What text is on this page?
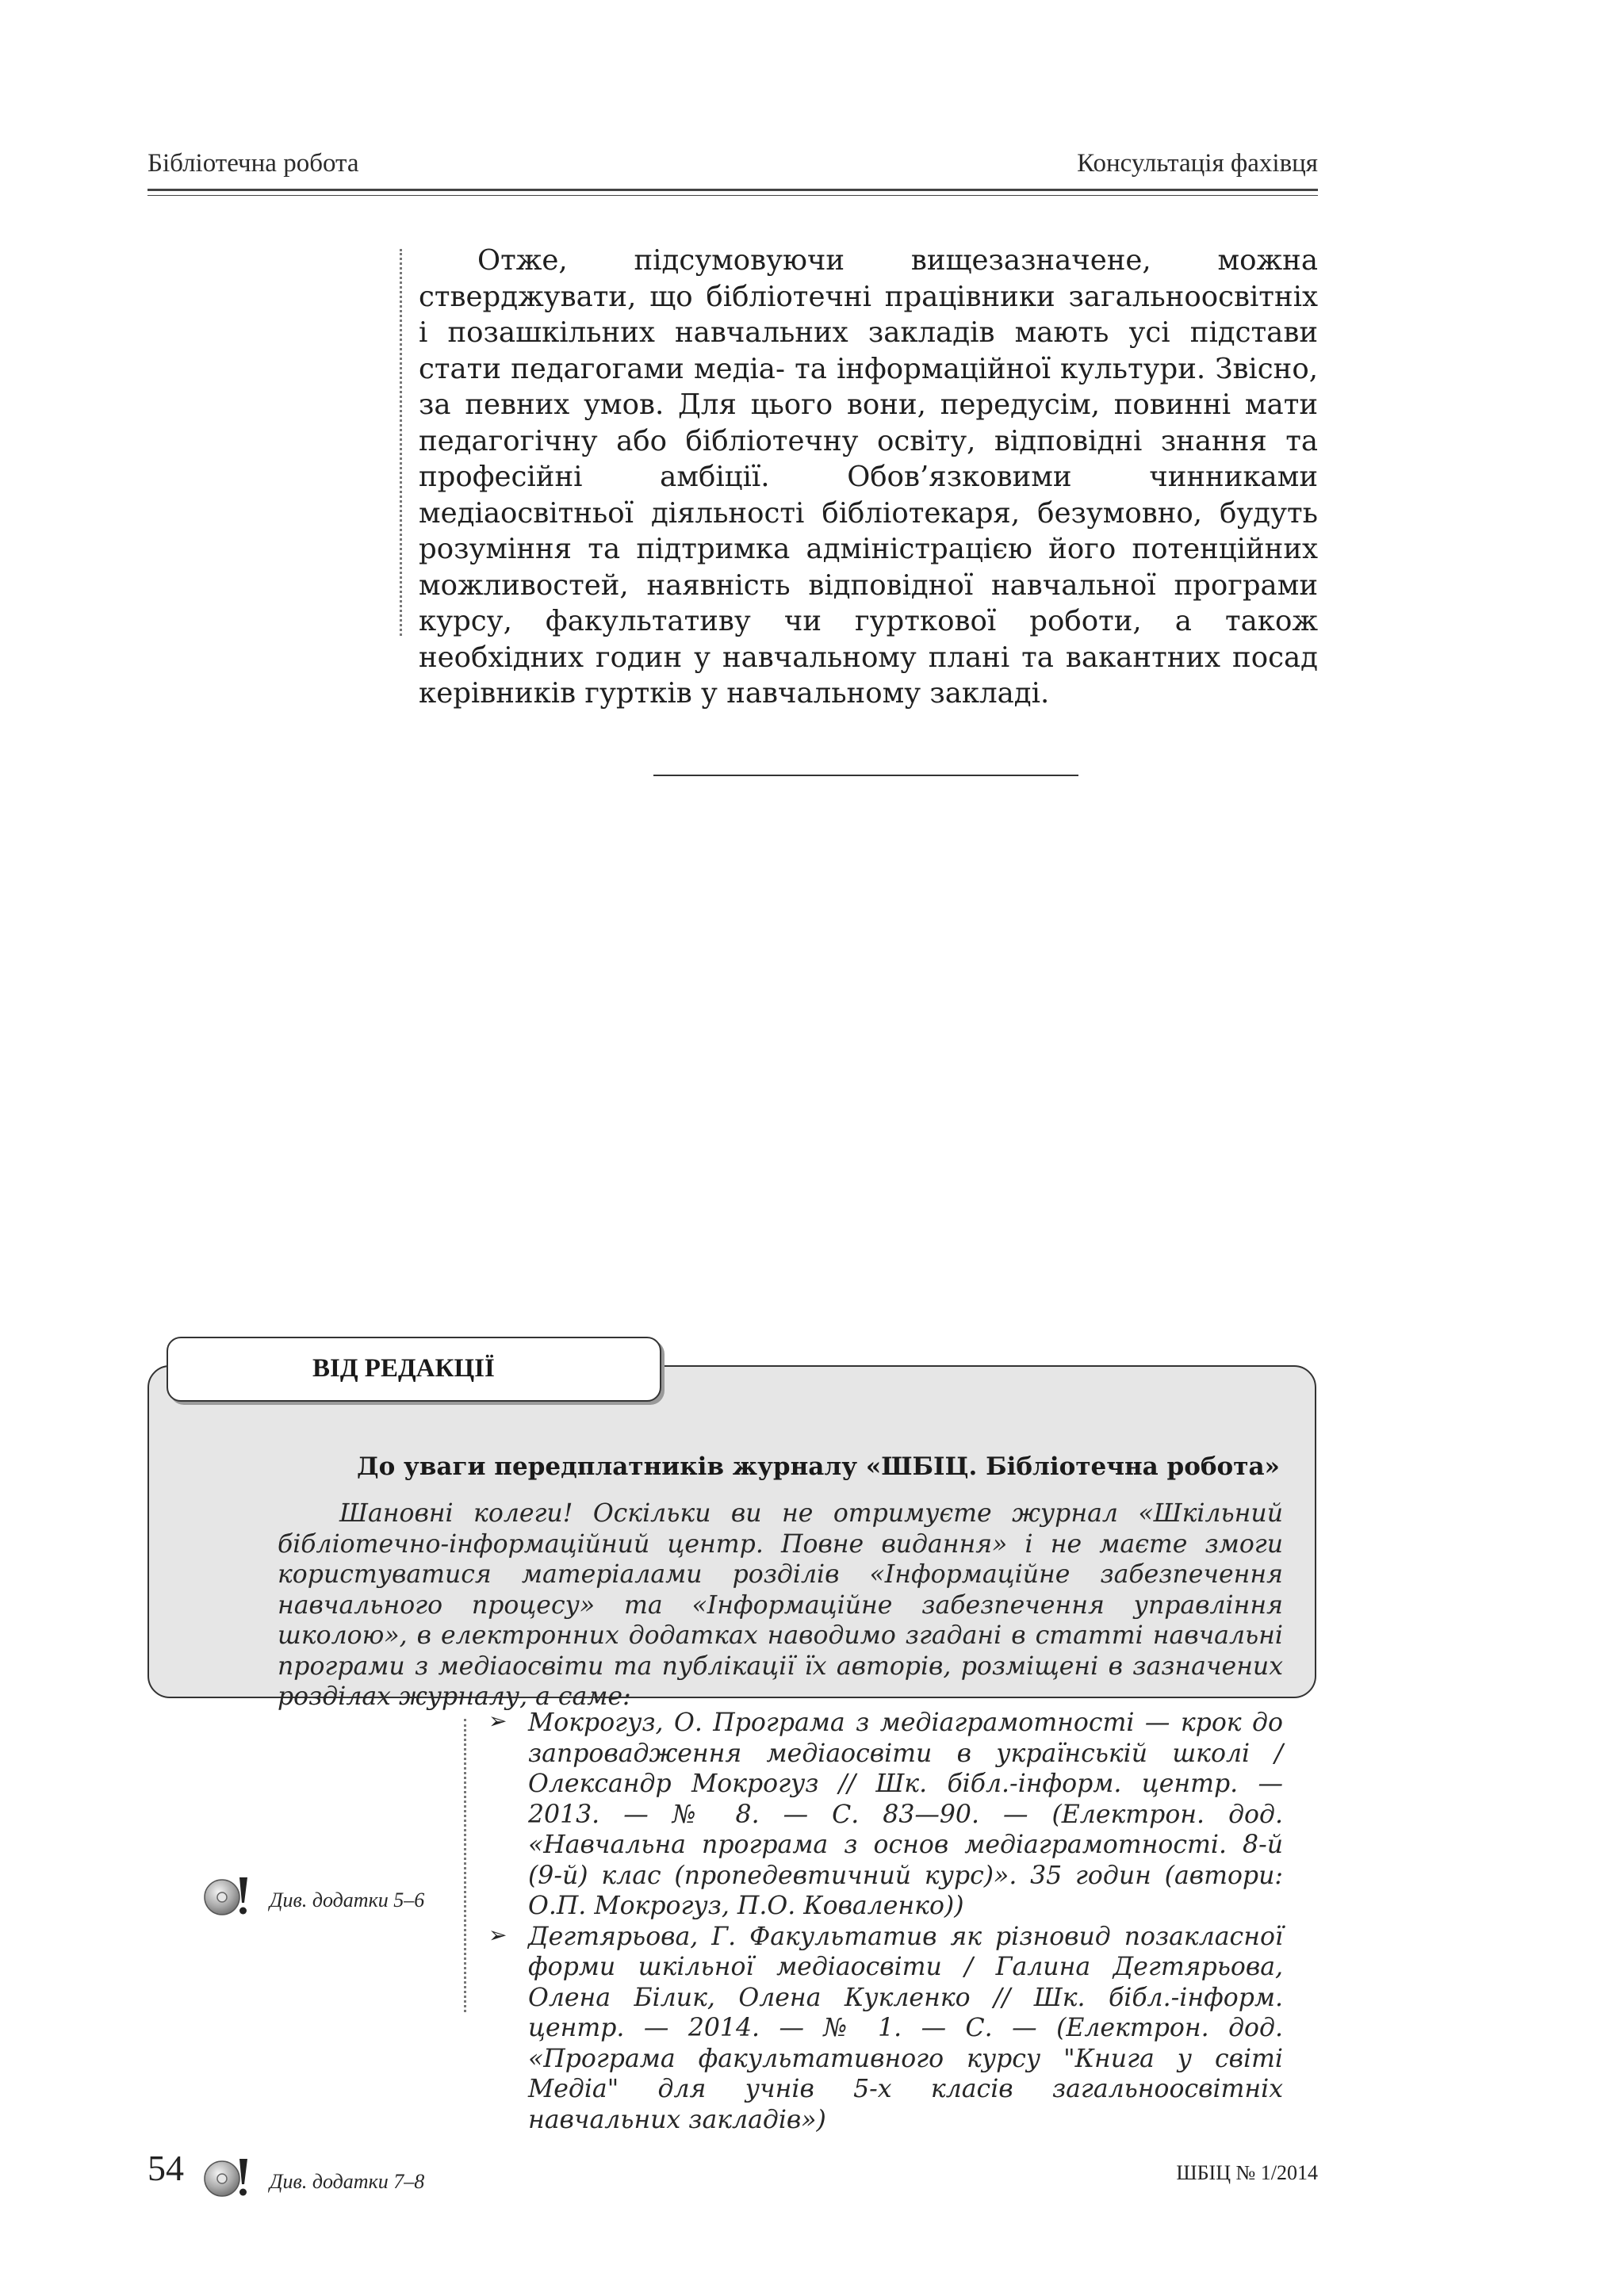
Бібліотечна робота	Консультація фахівця

Отже, підсумовуючи вищезазначене, можна стверджувати, що бібліотечні працівники загальноосвітніх і позашкільних навчальних закладів мають усі підстави стати педагогами медіа- та інформаційної культури. Звісно, за певних умов. Для цього вони, передусім, повинні мати педагогічну або бібліотечну освіту, відповідні знання та професійні амбіції. Обов’язковими чинниками медіаосвітньої діяльності бібліотекаря, безумовно, будуть розуміння та підтримка адміністрацією його потенційних можливостей, наявність відповідної навчальної програми курсу, факультативу чи гурткової роботи, а також необхідних годин у навчальному плані та вакантних посад керівників гуртків у навчальному закладі.

ВІД РЕДАКЦІЇ
До уваги передплатників журналу «ШБІЦ. Бібліотечна робота»

Шановні колеги! Оскільки ви не отримуєте журнал «Шкільний бібліотечно-інформаційний центр. Повне видання» і не маєте змоги користуватися матеріалами розділів «Інформаційне забезпечення навчального процесу» та «Інформаційне забезпечення управління школою», в електронних додатках наводимо згадані в статті навчальні програми з медіаосвіти та публікації їх авторів, розміщені в зазначених розділах журналу, а саме:

➢ Мокрогуз, О. Програма з медіаграмотності — крок до запровадження медіаосвіти в українській школі / Олександр Мокрогуз // Шк. бібл.-інформ. центр. — 2013. — № 8. — С. 83—90. — (Електрон. дод. «Навчальна програма з основ медіаграмотності. 8-й (9-й) клас (пропедевтичний курс)». 35 годин (автори: О.П. Мокрогуз, П.О. Коваленко))
➢ Дегтярьова, Г. Факультатив як різновид позакласної форми шкільної медіаосвіти / Галина Дегтярьова, Олена Білик, Олена Кукленко // Шк. бібл.-інформ. центр. — 2014. — № 1. — С. — (Електрон. дод. «Програма факультативного курсу "Книга у світі Медіа" для учнів 5-х класів загальноосвітніх навчальних закладів»)
Див. додатки 5–6
Див. додатки 7–8
54	ШБІЦ № 1/2014
